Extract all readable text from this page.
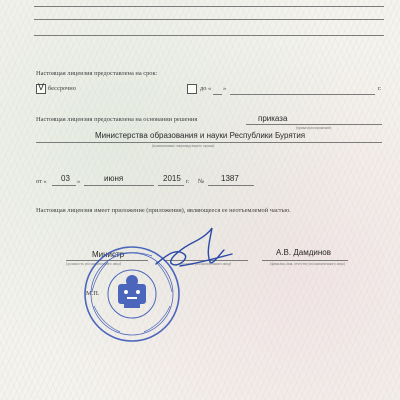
Настоящая лицензия предоставлена на срок:
V бессрочно	до « »	г.
Настоящая лицензия предоставлена на основании решения	приказа
(приказ/распоряжение)
Министерства образования и науки Республики Бурятия
(наименование лицензирующего органа)
от « 03 »	июня	2015 г. № 1387
Настоящая лицензия имеет приложение (приложения), являющееся ее неотъемлемой частью.
Министр
(должность уполномоченного лица)	(подпись уполномоченного лица)
А.В. Дамдинов
(фамилия, имя, отчество уполномоченного лица)
М.П.
